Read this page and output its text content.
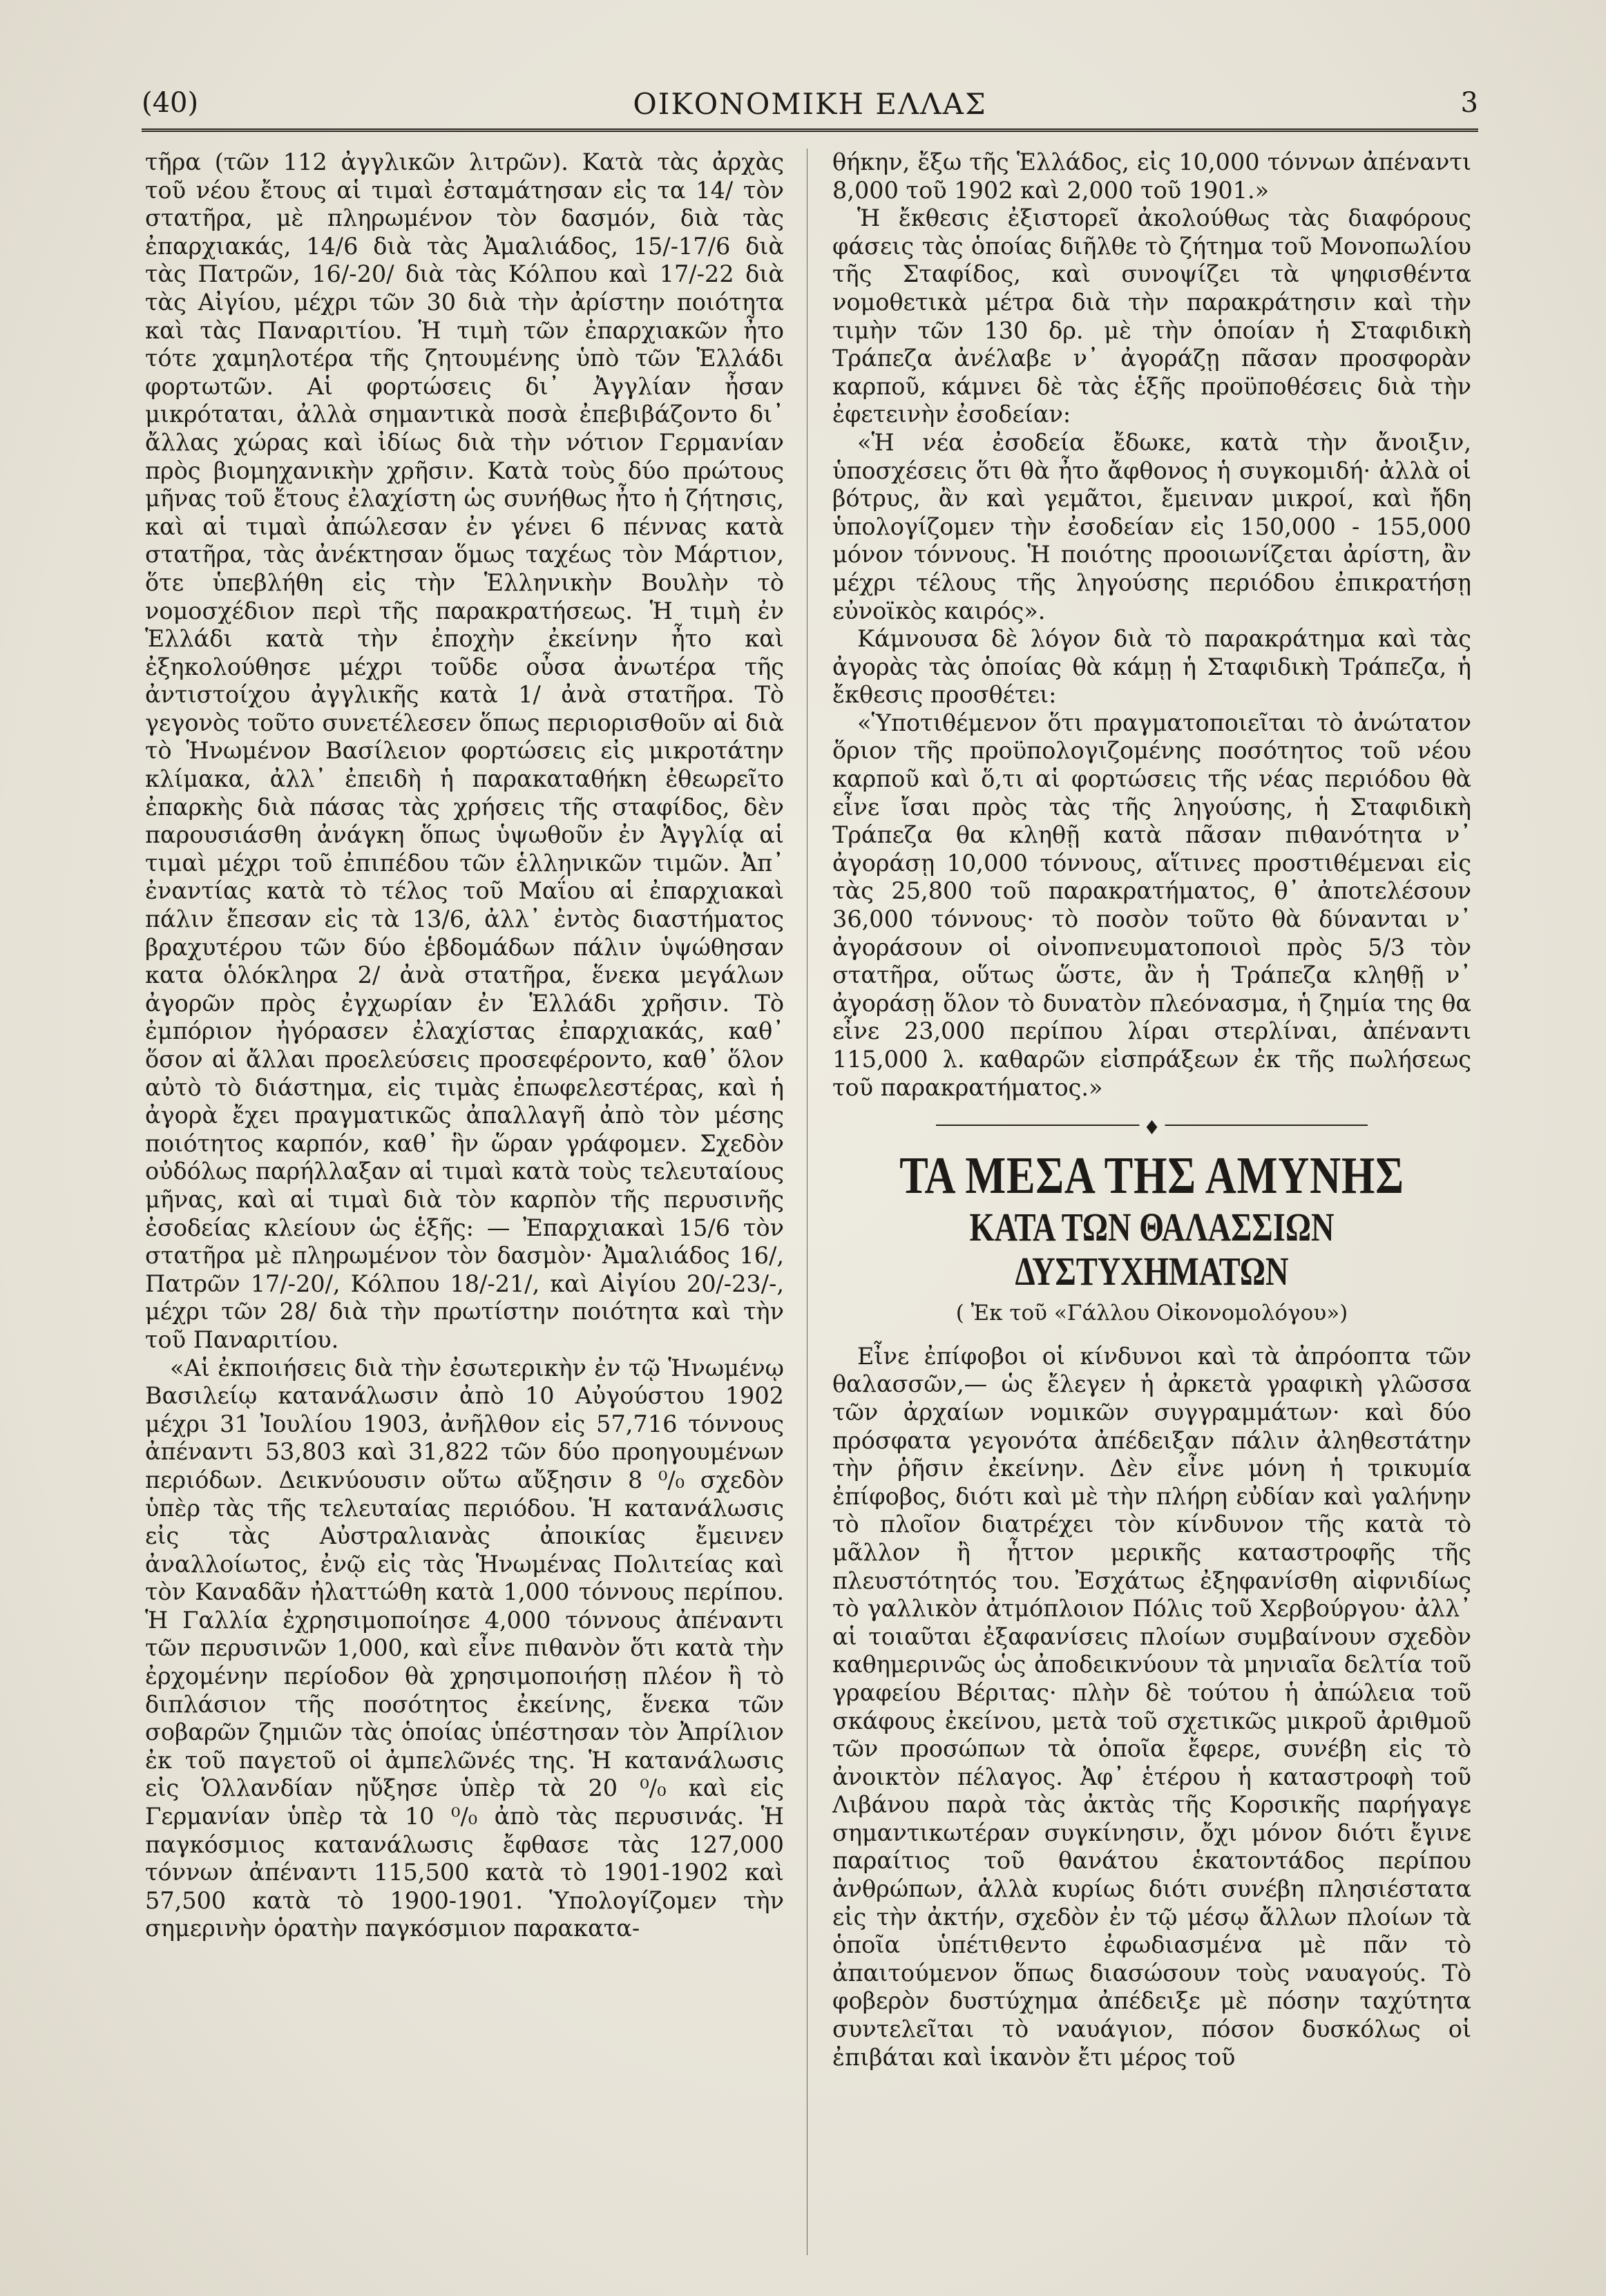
(40)	ΟΙΚΟΝΟΜΙΚΗ ΕΛΛΑΣ	3

τῆρα (τῶν 112 ἀγγλικῶν λιτρῶν). Κατὰ τὰς ἀρχὰς τοῦ νέου ἔτους αἱ τιμαὶ ἐσταμάτησαν εἰς τα 14/ τὸν στατῆρα, μὲ πληρωμένον τὸν δασμόν, διὰ τὰς ἐπαρχιακάς, 14/6 διὰ τὰς Ἀμαλιάδος, 15/-17/6 διὰ τὰς Πατρῶν, 16/-20/ διὰ τὰς Κόλπου καὶ 17/-22 διὰ τὰς Αἰγίου, μέχρι τῶν 30 διὰ τὴν ἀρίστην ποιότητα καὶ τὰς Παναριτίου. Ἡ τιμὴ τῶν ἐπαρχιακῶν ἦτο τότε χαμηλοτέρα τῆς ζητουμένης ὑπὸ τῶν Ἑλλάδι φορτωτῶν. Αἱ φορτώσεις δι᾿ Ἀγγλίαν ἦσαν μικρόταται, ἀλλὰ σημαντικὰ ποσὰ ἐπεβιβάζοντο δι᾿ ἄλλας χώρας καὶ ἰδίως διὰ τὴν νότιον Γερμανίαν πρὸς βιομηχανικὴν χρῆσιν. Κατὰ τοὺς δύο πρώτους μῆνας τοῦ ἔτους ἐλαχίστη ὡς συνήθως ἦτο ἡ ζήτησις, καὶ αἱ τιμαὶ ἀπώλεσαν ἐν γένει 6 πέννας κατὰ στατῆρα, τὰς ἀνέκτησαν ὅμως ταχέως τὸν Μάρτιον, ὅτε ὑπεβλήθη εἰς τὴν Ἑλληνικὴν Βουλὴν τὸ νομοσχέδιον περὶ τῆς παρακρατήσεως. Ἡ τιμὴ ἐν Ἑλλάδι κατὰ τὴν ἐποχὴν ἐκείνην ἦτο καὶ ἐξηκολούθησε μέχρι τοῦδε οὖσα ἀνωτέρα τῆς ἀντιστοίχου ἀγγλικῆς κατὰ 1/ ἀνὰ στατῆρα. Τὸ γεγονὸς τοῦτο συνετέλεσεν ὅπως περιορισθοῦν αἱ διὰ τὸ Ἡνωμένον Βασίλειον φορτώσεις εἰς μικροτάτην κλίμακα, ἀλλ᾿ ἐπειδὴ ἡ παρακαταθήκη ἐθεωρεῖτο ἐπαρκὴς διὰ πάσας τὰς χρήσεις τῆς σταφίδος, δὲν παρουσιάσθη ἀνάγκη ὅπως ὑψωθοῦν ἐν Ἀγγλίᾳ αἱ τιμαὶ μέχρι τοῦ ἐπιπέδου τῶν ἑλληνικῶν τιμῶν. Ἀπ᾿ ἐναντίας κατὰ τὸ τέλος τοῦ Μαΐου αἱ ἐπαρχιακαὶ πάλιν ἔπεσαν εἰς τὰ 13/6, ἀλλ᾿ ἐντὸς διαστήματος βραχυτέρου τῶν δύο ἑβδομάδων πάλιν ὑψώθησαν κατα ὁλόκληρα 2/ ἀνὰ στατῆρα, ἕνεκα μεγάλων ἀγορῶν πρὸς ἐγχωρίαν ἐν Ἑλλάδι χρῆσιν. Τὸ ἐμπόριον ἠγόρασεν ἐλαχίστας ἐπαρχιακάς, καθ᾿ ὅσον αἱ ἄλλαι προελεύσεις προσεφέροντο, καθ᾿ ὅλον αὐτὸ τὸ διάστημα, εἰς τιμὰς ἐπωφελεστέρας, καὶ ἡ ἀγορὰ ἔχει πραγματικῶς ἀπαλλαγῆ ἀπὸ τὸν μέσης ποιότητος καρπόν, καθ᾿ ἣν ὥραν γράφομεν. Σχεδὸν οὐδόλως παρήλλαξαν αἱ τιμαὶ κατὰ τοὺς τελευταίους μῆνας, καὶ αἱ τιμαὶ διὰ τὸν καρπὸν τῆς περυσινῆς ἐσοδείας κλείουν ὡς ἑξῆς: — Ἐπαρχιακαὶ 15/6 τὸν στατῆρα μὲ πληρωμένον τὸν δασμὸν· Ἀμαλιάδος 16/, Πατρῶν 17/-20/, Κόλπου 18/-21/, καὶ Αἰγίου 20/-23/-, μέχρι τῶν 28/ διὰ τὴν πρωτίστην ποιότητα καὶ τὴν τοῦ Παναριτίου.

«Αἱ ἐκποιήσεις διὰ τὴν ἐσωτερικὴν ἐν τῷ Ἡνωμένῳ Βασιλείῳ κατανάλωσιν ἀπὸ 10 Αὐγούστου 1902 μέχρι 31 Ἰουλίου 1903, ἀνῆλθον εἰς 57,716 τόννους ἀπέναντι 53,803 καὶ 31,822 τῶν δύο προηγουμένων περιόδων. Δεικνύουσιν οὕτω αὔξησιν 8 ⁰/₀ σχεδὸν ὑπὲρ τὰς τῆς τελευταίας περιόδου. Ἡ κατανάλωσις εἰς τὰς Αὐστραλιανὰς ἀποικίας ἔμεινεν ἀναλλοίωτος, ἐνῷ εἰς τὰς Ἡνωμένας Πολιτείας καὶ τὸν Καναδᾶν ἠλαττώθη κατὰ 1,000 τόννους περίπου. Ἡ Γαλλία ἐχρησιμοποίησε 4,000 τόννους ἀπέναντι τῶν περυσινῶν 1,000, καὶ εἶνε πιθανὸν ὅτι κατὰ τὴν ἐρχομένην περίοδον θὰ χρησιμοποιήσῃ πλέον ἢ τὸ διπλάσιον τῆς ποσότητος ἐκείνης, ἕνεκα τῶν σοβαρῶν ζημιῶν τὰς ὁποίας ὑπέστησαν τὸν Ἀπρίλιον ἐκ τοῦ παγετοῦ οἱ ἀμπελῶνές της. Ἡ κατανάλωσις εἰς Ὁλλανδίαν ηὔξησε ὑπὲρ τὰ 20 ⁰/₀ καὶ εἰς Γερμανίαν ὑπὲρ τὰ 10 ⁰/₀ ἀπὸ τὰς περυσινάς. Ἡ παγκόσμιος κατανάλωσις ἔφθασε τὰς 127,000 τόννων ἀπέναντι 115,500 κατὰ τὸ 1901-1902 καὶ 57,500 κατὰ τὸ 1900-1901. Ὑπολογίζομεν τὴν σημερινὴν ὁρατὴν παγκόσμιον παρακατα-

θήκην, ἔξω τῆς Ἑλλάδος, εἰς 10,000 τόννων ἀπέναντι 8,000 τοῦ 1902 καὶ 2,000 τοῦ 1901.»

Ἡ ἔκθεσις ἐξιστορεῖ ἀκολούθως τὰς διαφόρους φάσεις τὰς ὁποίας διῆλθε τὸ ζήτημα τοῦ Μονοπωλίου τῆς Σταφίδος, καὶ συνοψίζει τὰ ψηφισθέντα νομοθετικὰ μέτρα διὰ τὴν παρακράτησιν καὶ τὴν τιμὴν τῶν 130 δρ. μὲ τὴν ὁποίαν ἡ Σταφιδικὴ Τράπεζα ἀνέλαβε ν᾿ ἀγοράζῃ πᾶσαν προσφορὰν καρποῦ, κάμνει δὲ τὰς ἑξῆς προϋποθέσεις διὰ τὴν ἐφετεινὴν ἐσοδείαν:

«Ἡ νέα ἐσοδεία ἔδωκε, κατὰ τὴν ἄνοιξιν, ὑποσχέσεις ὅτι θὰ ἦτο ἄφθονος ἡ συγκομιδή· ἀλλὰ οἱ βότρυς, ἂν καὶ γεμᾶτοι, ἔμειναν μικροί, καὶ ἤδη ὑπολογίζομεν τὴν ἐσοδείαν εἰς 150,000 - 155,000 μόνον τόννους. Ἡ ποιότης προοιωνίζεται ἀρίστη, ἂν μέχρι τέλους τῆς ληγούσης περιόδου ἐπικρατήσῃ εὐνοϊκὸς καιρός».

Κάμνουσα δὲ λόγον διὰ τὸ παρακράτημα καὶ τὰς ἀγορὰς τὰς ὁποίας θὰ κάμῃ ἡ Σταφιδικὴ Τράπεζα, ἡ ἔκθεσις προσθέτει:

«Ὑποτιθέμενον ὅτι πραγματοποιεῖται τὸ ἀνώτατον ὅριον τῆς προϋπολογιζομένης ποσότητος τοῦ νέου καρποῦ καὶ ὅ,τι αἱ φορτώσεις τῆς νέας περιόδου θὰ εἶνε ἴσαι πρὸς τὰς τῆς ληγούσης, ἡ Σταφιδικὴ Τράπεζα θα κληθῇ κατὰ πᾶσαν πιθανότητα ν᾿ ἀγοράσῃ 10,000 τόννους, αἵτινες προστιθέμεναι εἰς τὰς 25,800 τοῦ παρακρατήματος, θ᾿ ἀποτελέσουν 36,000 τόννους· τὸ ποσὸν τοῦτο θὰ δύνανται ν᾿ ἀγοράσουν οἱ οἰνοπνευματοποιοὶ πρὸς 5/3 τὸν στατῆρα, οὕτως ὥστε, ἂν ἡ Τράπεζα κληθῇ ν᾿ ἀγοράσῃ ὅλον τὸ δυνατὸν πλεόνασμα, ἡ ζημία της θα εἶνε 23,000 περίπου λίραι στερλίναι, ἀπέναντι 115,000 λ. καθαρῶν εἰσπράξεων ἐκ τῆς πωλήσεως τοῦ παρακρατήματος.»

♦
ΤΑ ΜΕΣΑ ΤΗΣ ΑΜΥΝΗΣ
ΚΑΤΑ ΤΩΝ ΘΑΛΑΣΣΙΩΝ ΔΥΣΤΥΧΗΜΑΤΩΝ
( Ἐκ τοῦ «Γάλλου Οἰκονομολόγου»)

Εἶνε ἐπίφοβοι οἱ κίνδυνοι καὶ τὰ ἀπρόοπτα τῶν θαλασσῶν,— ὡς ἔλεγεν ἡ ἀρκετὰ γραφικὴ γλῶσσα τῶν ἀρχαίων νομικῶν συγγραμμάτων· καὶ δύο πρόσφατα γεγονότα ἀπέδειξαν πάλιν ἀληθεστάτην τὴν ῥῆσιν ἐκείνην. Δὲν εἶνε μόνη ἡ τρικυμία ἐπίφοβος, διότι καὶ μὲ τὴν πλήρη εὐδίαν καὶ γαλήνην τὸ πλοῖον διατρέχει τὸν κίνδυνον τῆς κατὰ τὸ μᾶλλον ἢ ἧττον μερικῆς καταστροφῆς τῆς πλευστότητός του. Ἐσχάτως ἐξηφανίσθη αἰφνιδίως τὸ γαλλικὸν ἀτμόπλοιον Πόλις τοῦ Χερβούργου· ἀλλ᾿ αἱ τοιαῦται ἐξαφανίσεις πλοίων συμβαίνουν σχεδὸν καθημερινῶς ὡς ἀποδεικνύουν τὰ μηνιαῖα δελτία τοῦ γραφείου Βέριτας· πλὴν δὲ τούτου ἡ ἀπώλεια τοῦ σκάφους ἐκείνου, μετὰ τοῦ σχετικῶς μικροῦ ἀριθμοῦ τῶν προσώπων τὰ ὁποῖα ἔφερε, συνέβη εἰς τὸ ἀνοικτὸν πέλαγος. Ἀφ᾿ ἑτέρου ἡ καταστροφὴ τοῦ Λιβάνου παρὰ τὰς ἀκτὰς τῆς Κορσικῆς παρήγαγε σημαντικωτέραν συγκίνησιν, ὄχι μόνον διότι ἔγινε παραίτιος τοῦ θανάτου ἑκατοντάδος περίπου ἀνθρώπων, ἀλλὰ κυρίως διότι συνέβη πλησιέστατα εἰς τὴν ἀκτήν, σχεδὸν ἐν τῷ μέσῳ ἄλλων πλοίων τὰ ὁποῖα ὑπέτιθεντο ἐφωδιασμένα μὲ πᾶν τὸ ἀπαιτούμενον ὅπως διασώσουν τοὺς ναυαγούς. Τὸ φοβερὸν δυστύχημα ἀπέδειξε μὲ πόσην ταχύτητα συντελεῖται τὸ ναυάγιον, πόσον δυσκόλως οἱ ἐπιβάται καὶ ἱκανὸν ἔτι μέρος τοῦ
